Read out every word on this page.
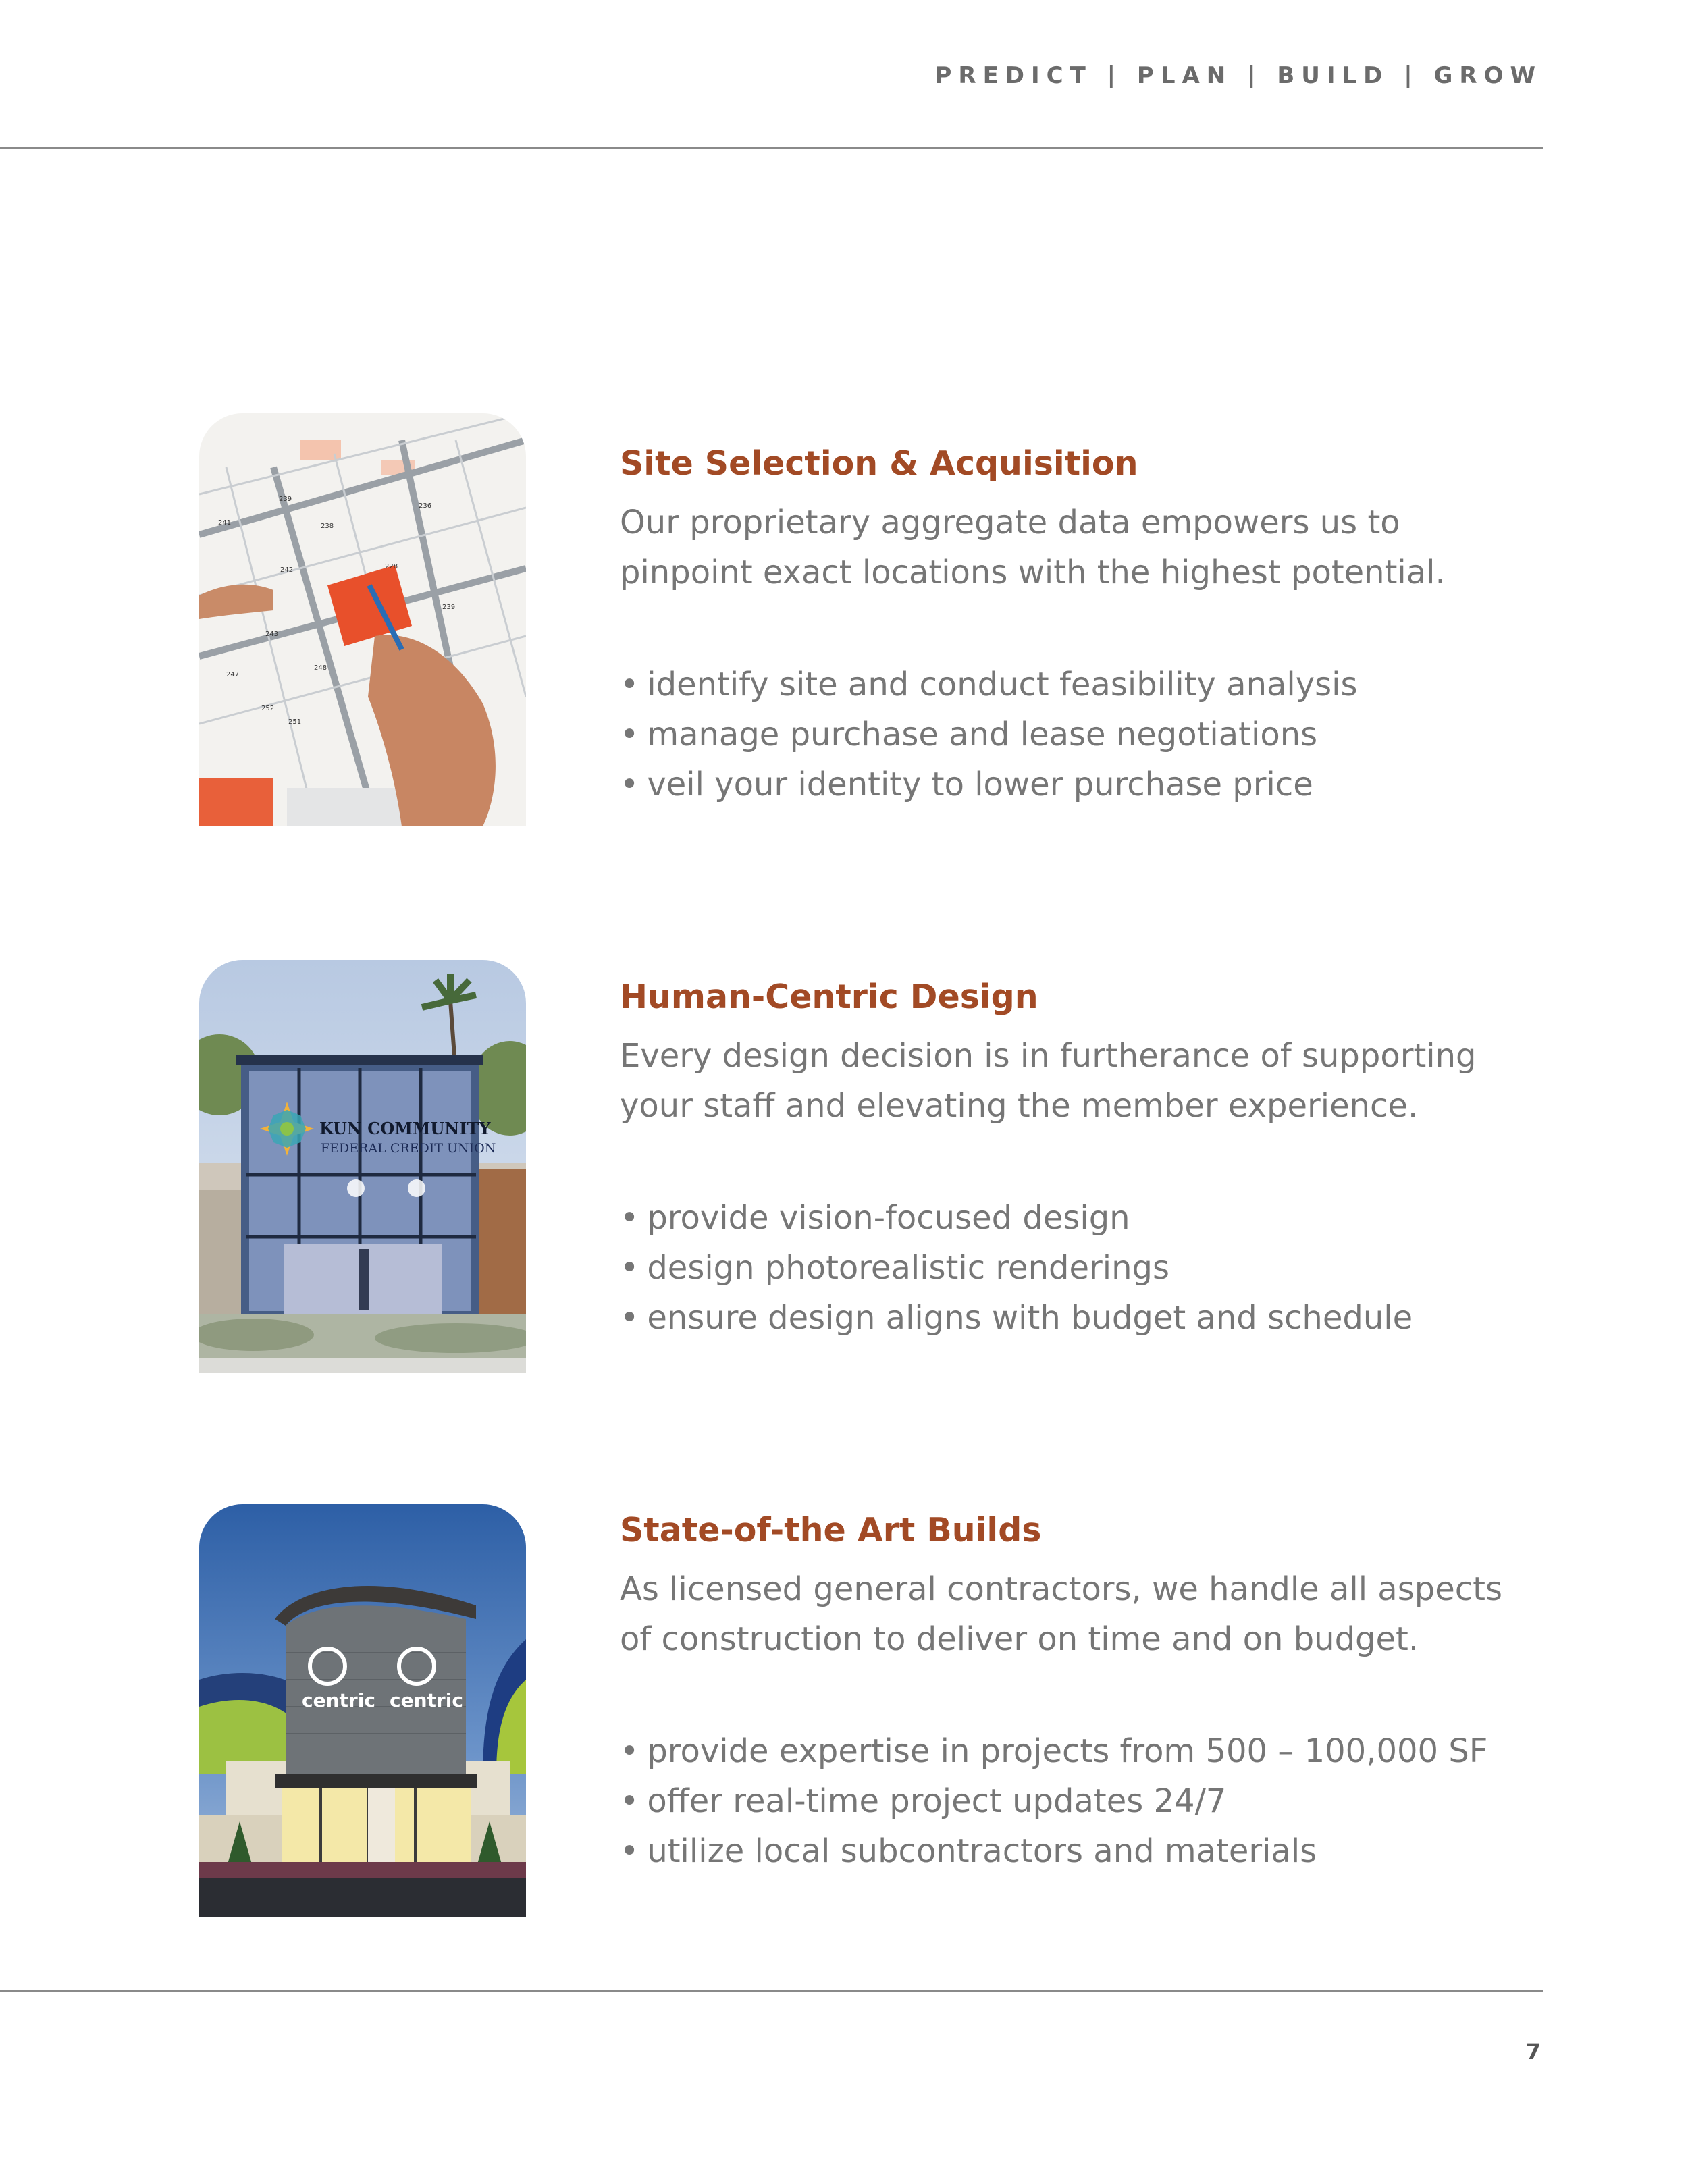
PREDICT | PLAN | BUILD | GROW
239
238
236
241
242	228
239
243
247
248
252
251
Site Selection & Acquisition

Our proprietary aggregate data empowers us to
pinpoint exact locations with the highest potential.

• identify site and conduct feasibility analysis
• manage purchase and lease negotiations
• veil your identity to lower purchase price
KUN COMMUNITY
FEDERAL CREDIT UNION
Human-Centric Design

Every design decision is in furtherance of supporting
your staff and elevating the member experience.

• provide vision-focused design
• design photorealistic renderings
• ensure design aligns with budget and schedule
centric centric
State-of-the Art Builds

As licensed general contractors, we handle all aspects
of construction to deliver on time and on budget.

• provide expertise in projects from 500 – 100,000 SF
• offer real-time project updates 24/7
• utilize local subcontractors and materials
7
